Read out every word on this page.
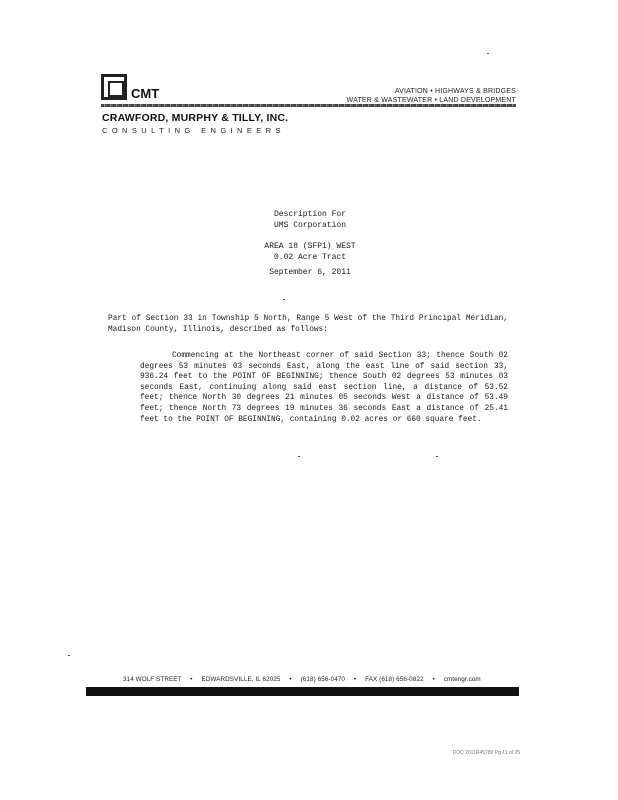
CMT	AVIATION • HIGHWAYS & BRIDGES
WATER & WASTEWATER • LAND DEVELOPMENT
CRAWFORD, MURPHY & TILLY, INC.
CONSULTING ENGINEERS
Description For
UMS Corporation
AREA 18 (SFP1) WEST
0.02 Acre Tract
September 6, 2011
Part of Section 33 in Township 5 North, Range 5 West of the Third Principal Meridian, Madison County, Illinois, described as follows:
Commencing at the Northeast corner of said Section 33; thence South 02 degrees 53 minutes 03 seconds East, along the east line of said section 33, 936.24 feet to the POINT OF BEGINNING; thence South 02 degrees 53 minutes 03 seconds East, continuing along said east section line, a distance of 53.52 feet; thence North 30 degrees 21 minutes 05 seconds West a distance of 53.49 feet; thence North 73 degrees 19 minutes 36 seconds East a distance of 25.41 feet to the POINT OF BEGINNING, containing 0.02 acres or 660 square feet.
314 WOLF STREET • EDWARDSVILLE, IL 62025 • (618) 656-0470 • FAX (618) 656-0822 • cmtengr.com
DOC 2011R45789 Pg 11 of 25
